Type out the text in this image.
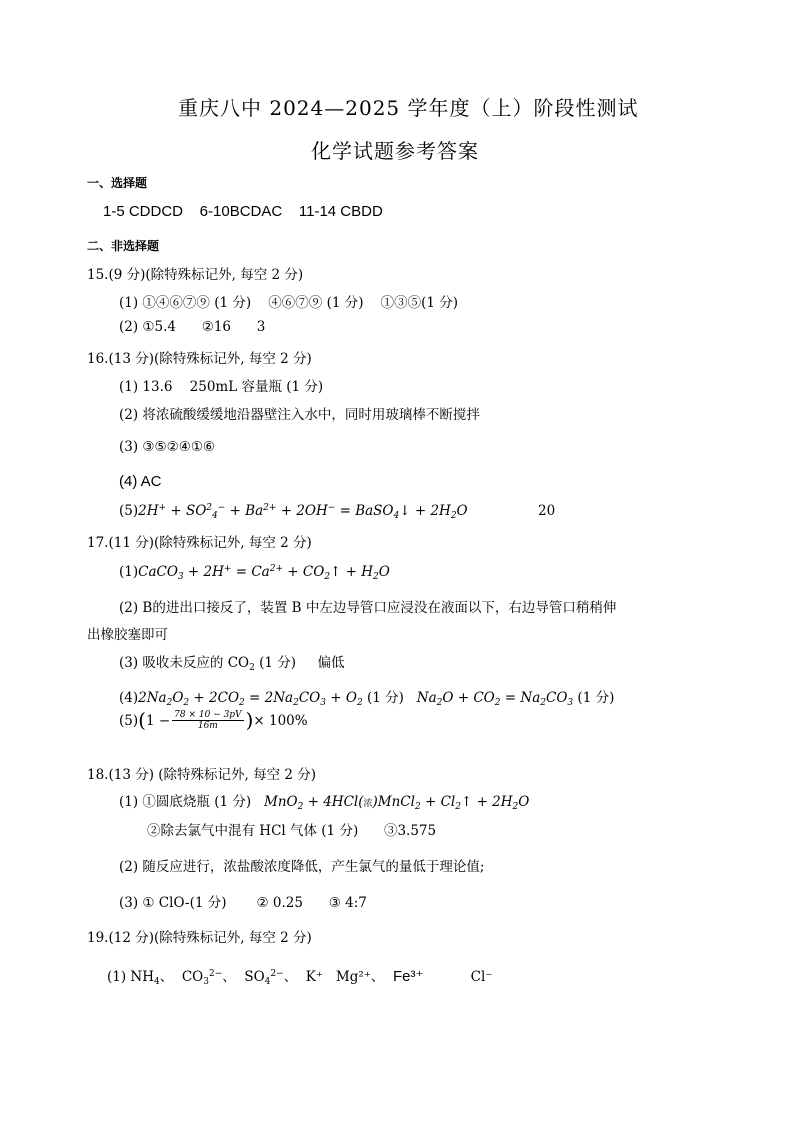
重庆八中 2024—2025 学年度（上）阶段性测试
化学试题参考答案
一、选择题
1-5 CDDCD    6-10BCDAC    11-14 CBDD
二、非选择题
15.(9 分)(除特殊标记外, 每空 2 分)
(1) ①④⑥⑦⑨ (1 分)    ④⑥⑦⑨ (1 分)    ①③⑤(1 分)
(2) ①5.4      ②16      3
16.(13 分)(除特殊标记外, 每空 2 分)
(1) 13.6    250mL 容量瓶 (1 分)
(2) 将浓硫酸缓缓地沿器壁注入水中，同时用玻璃棒不断搅拌
(3) ③⑤②④①⑥
(4) AC
$(5)2H^+ + SO^2_4^- + Ba^{2+} + 2OH^-$ = BaSO$_4$↓ + $2H_2O$	20
17.(11 分)(除特殊标记外, 每空 2 分)
(1)CaCO$_3$ + $2H^+ = Ca^{2+}$ + $CO_2↑ + H_2O$
(2) B的进出口接反了，装置 B 中左边导管口应浸没在液面以下，右边导管口稍稍伸
出橡胶塞即可
(3) 吸收未反应的 CO2 (1 分) 偏低
$(4)2Na_2O_2 + 2CO_2 = 2Na_2CO_3 + O_2$ (1 分) $Na_2O + CO_2 = Na_2CO_3$ (1 分)
$(5)(1 - \frac{78 \times 10 - 3pV}{16m}$ )× 100%
18.(13 分) (除特殊标记外, 每空 2 分)
(1) ①圆底烧瓶 (1 分) MnO$_2$ + 4HCl(浓)MnCl$_2$ + $Cl_2↑ + 2H_2O$
②除去氯气中混有 HCl 气体 (1 分)      ③3.575
(2) 随反应进行，浓盐酸浓度降低，产生氯气的量低于理论值;
(3) ① ClO-(1 分)       ② 0.25      ③ 4:7
19.(12 分)(除特殊标记外, 每空 2 分)
(1) NH4、  $CO3^{2-}$、  $SO4^{2-}$、  K⁺ Mg²⁺、  Fe³⁺	Cl⁻
